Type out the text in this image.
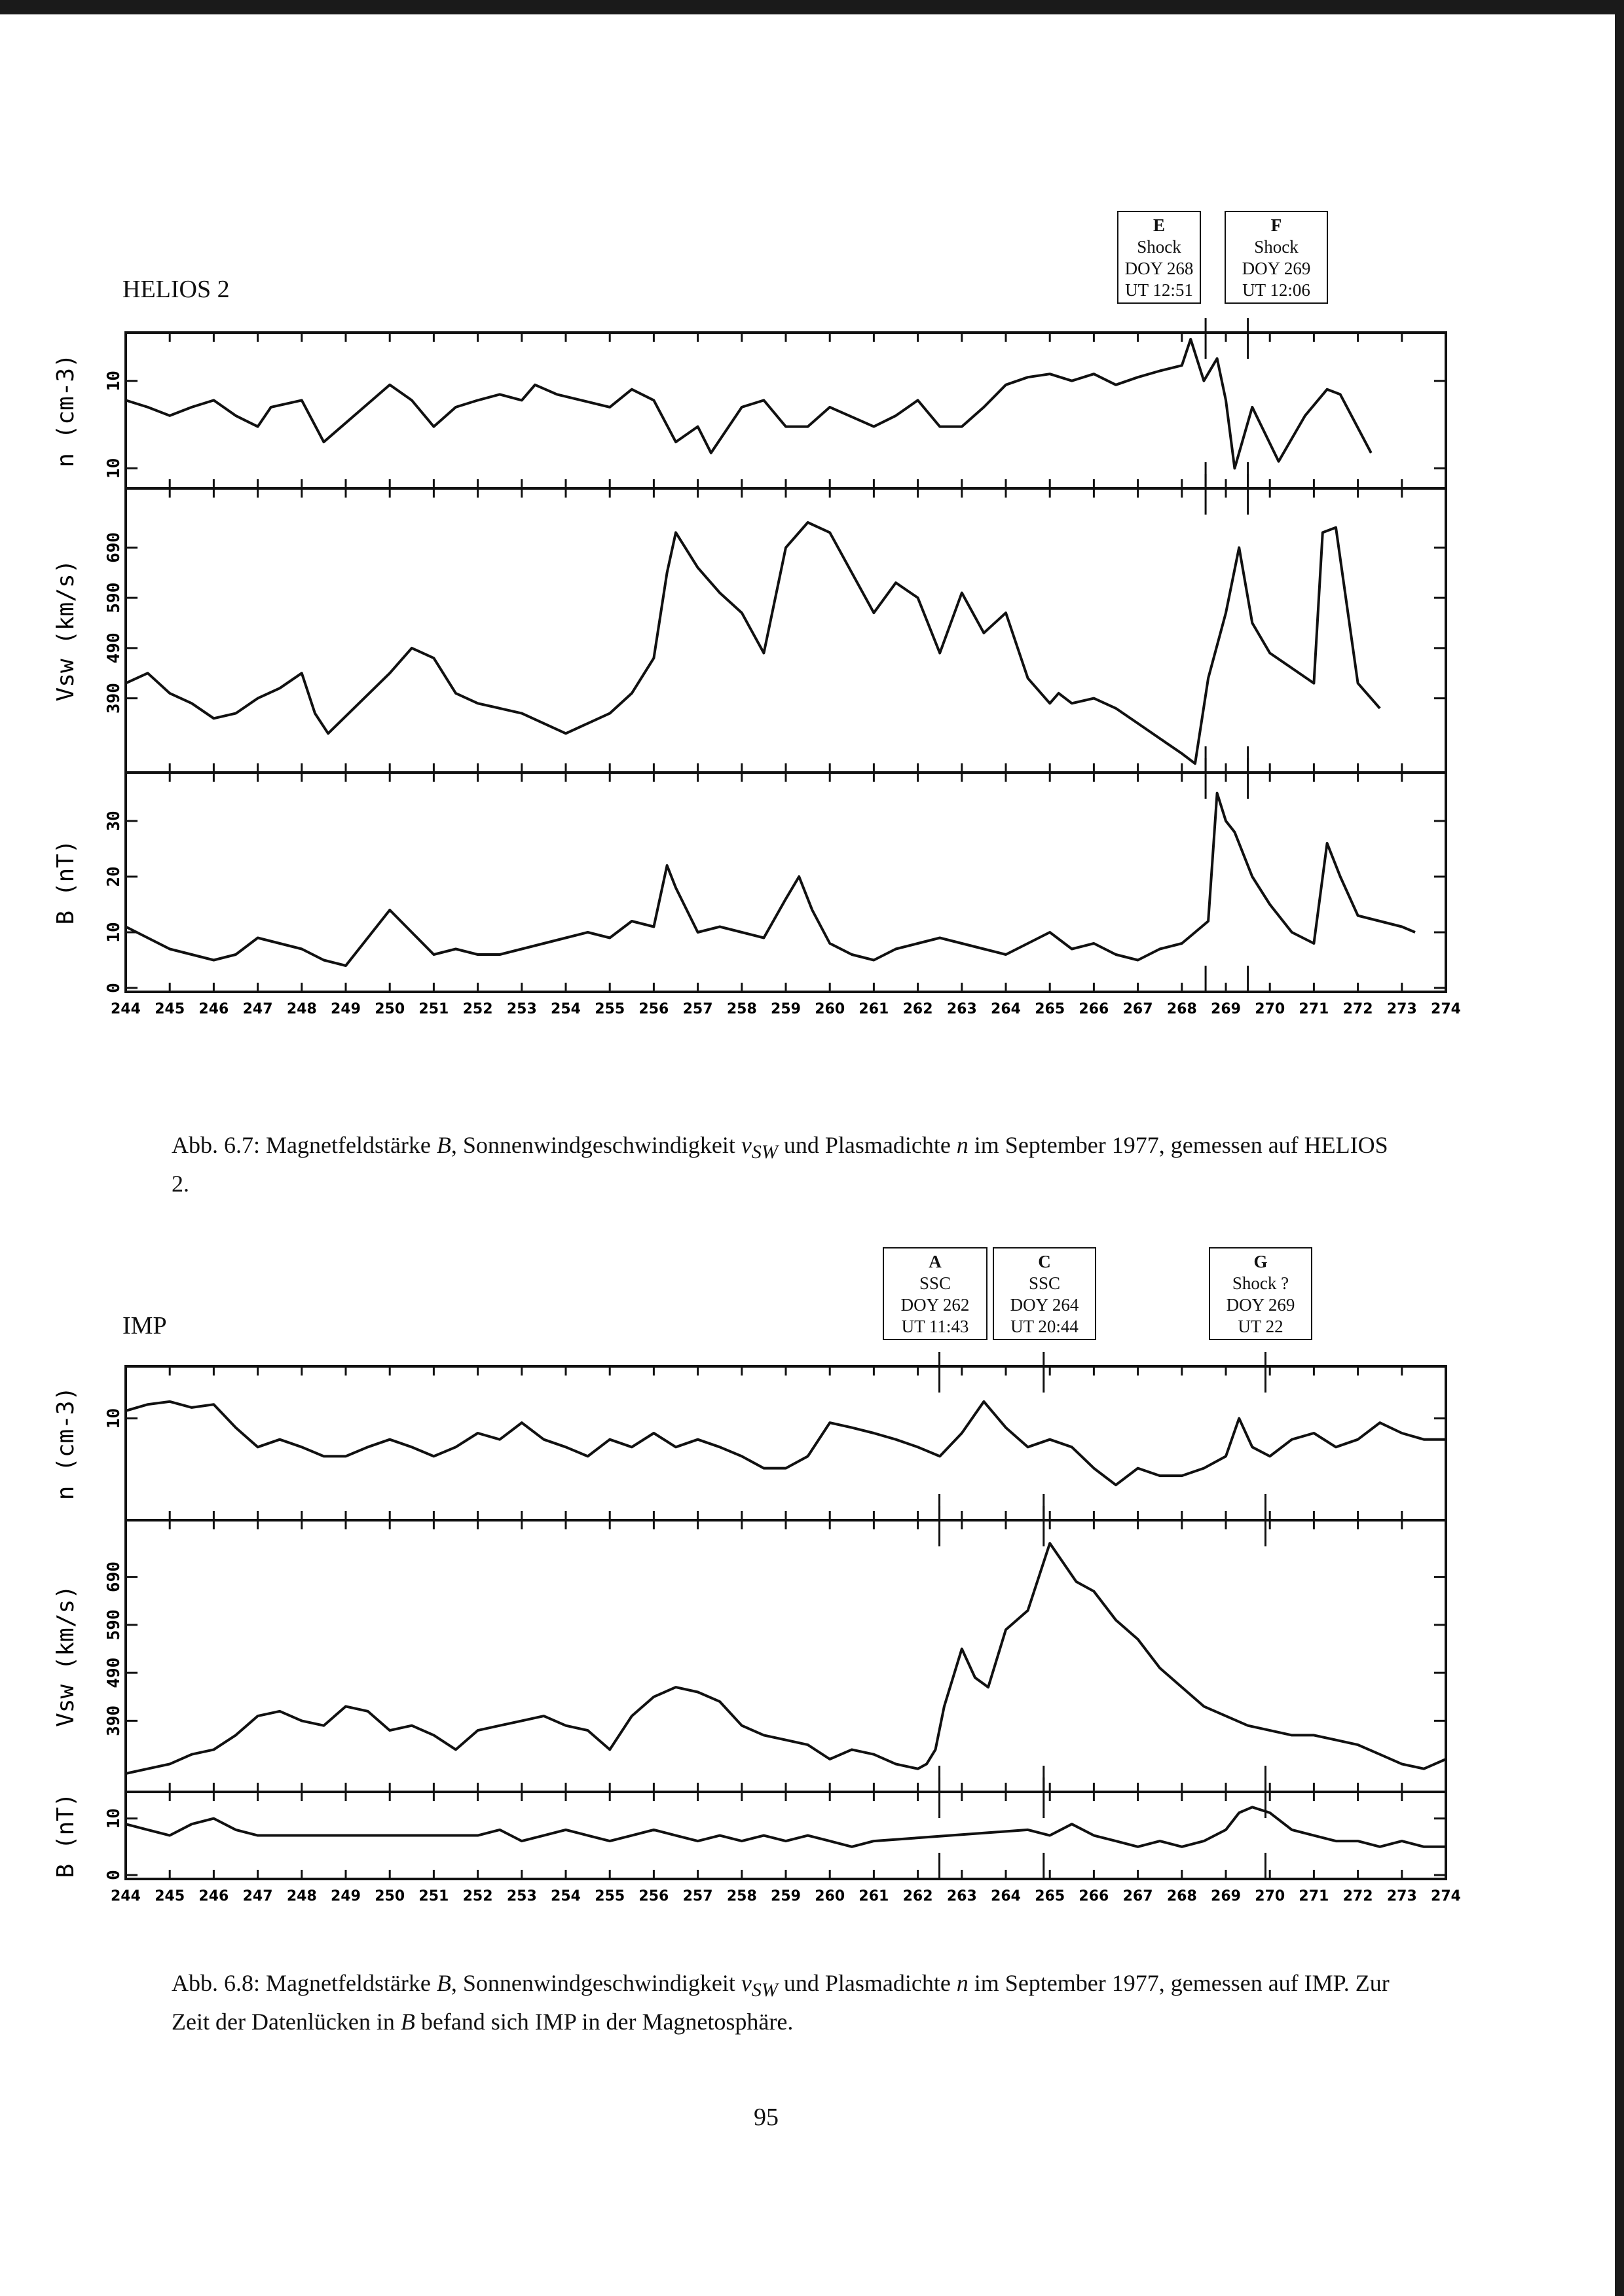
HELIOS 2
E
Shock
DOY 268
UT 12:51
F
Shock
DOY 269
UT 12:06
10
10
n (cm-3)
390
490
590
690
Vsw (km/s)
0
10
20
30
B (nT)
244 245 246 247 248 249 250 251 252 253 254 255 256 257 258 259 260 261 262 263 264 265 266 267 268 269 270 271 272 273 274
Abb. 6.7: Magnetfeldstärke B, Sonnenwindgeschwindigkeit $v_{SW}$ und Plasmadichte n im September 1977, gemessen auf HELIOS 2.
IMP
A
SSC
DOY 262
UT 11:43
C
SSC
DOY 264
UT 20:44
G
Shock ?
DOY 269
UT 22
10
n (cm-3)
390
490
590
690
Vsw (km/s)
0
10
B (nT)
244 245 246 247 248 249 250 251 252 253 254 255 256 257 258 259 260 261 262 263 264 265 266 267 268 269 270 271 272 273 274
Abb. 6.8: Magnetfeldstärke B, Sonnenwindgeschwindigkeit $v_{SW}$ und Plasmadichte n im September 1977, gemessen auf IMP. Zur Zeit der Datenlücken in B befand sich IMP in der Magnetosphäre.
95
